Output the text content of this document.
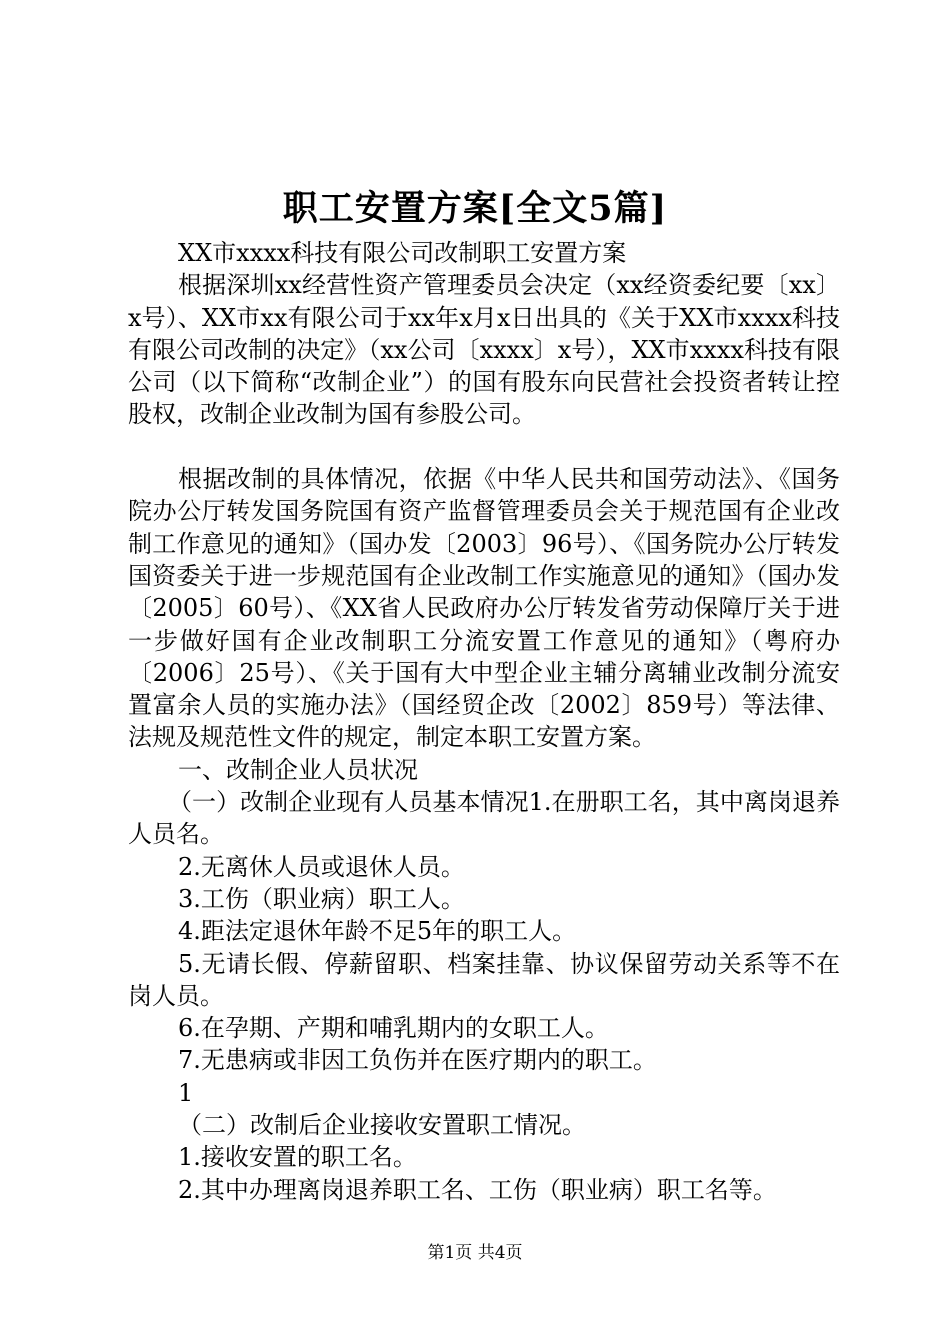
职工安置方案[全文5篇]

XX市xxxx科技有限公司改制职工安置方案

根据深圳xx经营性资产管理委员会决定（xx经资委纪要〔xx〕x号）、XX市xx有限公司于xx年x月x日出具的《关于XX市xxxx科技有限公司改制的决定》（xx公司〔xxxx〕x号），XX市xxxx科技有限公司（以下简称“改制企业”）的国有股东向民营社会投资者转让控股权，改制企业改制为国有参股公司。

根据改制的具体情况，依据《中华人民共和国劳动法》、《国务院办公厅转发国务院国有资产监督管理委员会关于规范国有企业改制工作意见的通知》（国办发〔2003〕96号）、《国务院办公厅转发国资委关于进一步规范国有企业改制工作实施意见的通知》（国办发〔2005〕60号）、《XX省人民政府办公厅转发省劳动保障厅关于进一步做好国有企业改制职工分流安置工作意见的通知》（粤府办〔2006〕25号）、《关于国有大中型企业主辅分离辅业改制分流安置富余人员的实施办法》（国经贸企改〔2002〕859号）等法律、法规及规范性文件的规定，制定本职工安置方案。

一、改制企业人员状况

（一）改制企业现有人员基本情况1.在册职工名，其中离岗退养人员名。

2.无离休人员或退休人员。

3.工伤（职业病）职工人。

4.距法定退休年龄不足5年的职工人。

5.无请长假、停薪留职、档案挂靠、协议保留劳动关系等不在岗人员。

6.在孕期、产期和哺乳期内的女职工人。

7.无患病或非因工负伤并在医疗期内的职工。

1

（二）改制后企业接收安置职工情况。

1.接收安置的职工名。

2.其中办理离岗退养职工名、工伤（职业病）职工名等。

第1页 共4页
